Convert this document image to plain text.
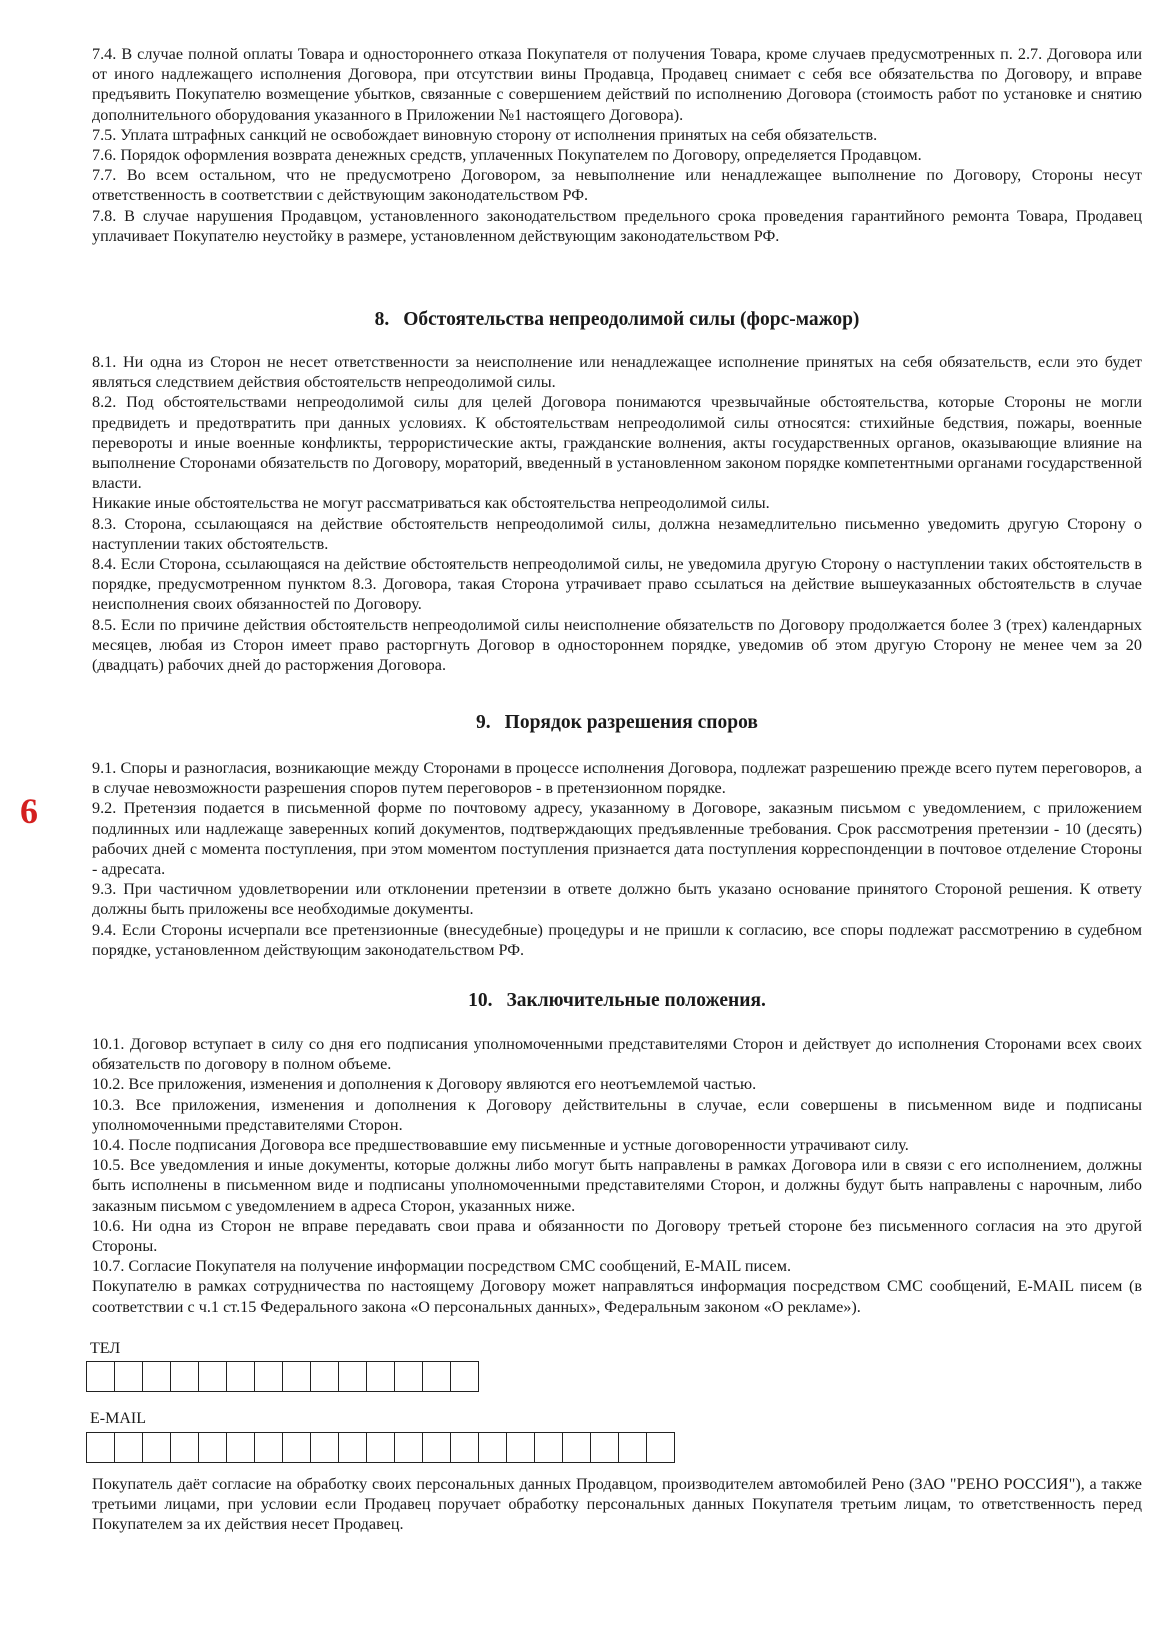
7.4. В случае полной оплаты Товара и одностороннего отказа Покупателя от получения Товара, кроме случаев предусмотренных п. 2.7. Договора или от иного надлежащего исполнения Договора, при отсутствии вины Продавца, Продавец снимает с себя все обязательства по Договору, и вправе предъявить Покупателю возмещение убытков, связанные с совершением действий по исполнению Договора (стоимость работ по установке и снятию дополнительного оборудования указанного в Приложении №1 настоящего Договора).

7.5. Уплата штрафных санкций не освобождает виновную сторону от исполнения принятых на себя обязательств.

7.6. Порядок оформления возврата денежных средств, уплаченных Покупателем по Договору, определяется Продавцом.

7.7. Во всем остальном, что не предусмотрено Договором, за невыполнение или ненадлежащее выполнение по Договору, Стороны несут ответственность в соответствии с действующим законодательством РФ.

7.8. В случае нарушения Продавцом, установленного законодательством предельного срока проведения гарантийного ремонта Товара, Продавец уплачивает Покупателю неустойку в размере, установленном действующим законодательством РФ.

8. Обстоятельства непреодолимой силы (форс-мажор)

8.1. Ни одна из Сторон не несет ответственности за неисполнение или ненадлежащее исполнение принятых на себя обязательств, если это будет являться следствием действия обстоятельств непреодолимой силы.

8.2. Под обстоятельствами непреодолимой силы для целей Договора понимаются чрезвычайные обстоятельства, которые Стороны не могли предвидеть и предотвратить при данных условиях. К обстоятельствам непреодолимой силы относятся: стихийные бедствия, пожары, военные перевороты и иные военные конфликты, террористические акты, гражданские волнения, акты государственных органов, оказывающие влияние на выполнение Сторонами обязательств по Договору, мораторий, введенный в установленном законом порядке компетентными органами государственной власти.

Никакие иные обстоятельства не могут рассматриваться как обстоятельства непреодолимой силы.

8.3. Сторона, ссылающаяся на действие обстоятельств непреодолимой силы, должна незамедлительно письменно уведомить другую Сторону о наступлении таких обстоятельств.

8.4. Если Сторона, ссылающаяся на действие обстоятельств непреодолимой силы, не уведомила другую Сторону о наступлении таких обстоятельств в порядке, предусмотренном пунктом 8.3. Договора, такая Сторона утрачивает право ссылаться на действие вышеуказанных обстоятельств в случае неисполнения своих обязанностей по Договору.

8.5. Если по причине действия обстоятельств непреодолимой силы неисполнение обязательств по Договору продолжается более 3 (трех) календарных месяцев, любая из Сторон имеет право расторгнуть Договор в одностороннем порядке, уведомив об этом другую Сторону не менее чем за 20 (двадцать) рабочих дней до расторжения Договора.

9. Порядок разрешения споров
6

9.1. Споры и разногласия, возникающие между Сторонами в процессе исполнения Договора, подлежат разрешению прежде всего путем переговоров, а в случае невозможности разрешения споров путем переговоров - в претензионном порядке.

9.2. Претензия подается в письменной форме по почтовому адресу, указанному в Договоре, заказным письмом с уведомлением, с приложением подлинных или надлежаще заверенных копий документов, подтверждающих предъявленные требования. Срок рассмотрения претензии - 10 (десять) рабочих дней с момента поступления, при этом моментом поступления признается дата поступления корреспонденции в почтовое отделение Стороны - адресата.

9.3. При частичном удовлетворении или отклонении претензии в ответе должно быть указано основание принятого Стороной решения. К ответу должны быть приложены все необходимые документы.

9.4. Если Стороны исчерпали все претензионные (внесудебные) процедуры и не пришли к согласию, все споры подлежат рассмотрению в судебном порядке, установленном действующим законодательством РФ.

10. Заключительные положения.

10.1. Договор вступает в силу со дня его подписания уполномоченными представителями Сторон и действует до исполнения Сторонами всех своих обязательств по договору в полном объеме.

10.2. Все приложения, изменения и дополнения к Договору являются его неотъемлемой частью.

10.3. Все приложения, изменения и дополнения к Договору действительны в случае, если совершены в письменном виде и подписаны уполномоченными представителями Сторон.

10.4. После подписания Договора все предшествовавшие ему письменные и устные договоренности утрачивают силу.

10.5. Все уведомления и иные документы, которые должны либо могут быть направлены в рамках Договора или в связи с его исполнением, должны быть исполнены в письменном виде и подписаны уполномоченными представителями Сторон, и должны будут быть направлены с нарочным, либо заказным письмом с уведомлением в адреса Сторон, указанных ниже.

10.6. Ни одна из Сторон не вправе передавать свои права и обязанности по Договору третьей стороне без письменного согласия на это другой Стороны.

10.7. Согласие Покупателя на получение информации посредством СМС сообщений, E-MAIL писем.

Покупателю в рамках сотрудничества по настоящему Договору может направляться информация посредством СМС сообщений, E-MAIL писем (в соответствии с ч.1 ст.15 Федерального закона «О персональных данных», Федеральным законом «О рекламе»).

ТЕЛ
E-MAIL

Покупатель даёт согласие на обработку своих персональных данных Продавцом, производителем автомобилей Рено (ЗАО "РЕНО РОССИЯ"), а также третьими лицами, при условии если Продавец поручает обработку персональных данных Покупателя третьим лицам, то ответственность перед Покупателем за их действия несет Продавец.
